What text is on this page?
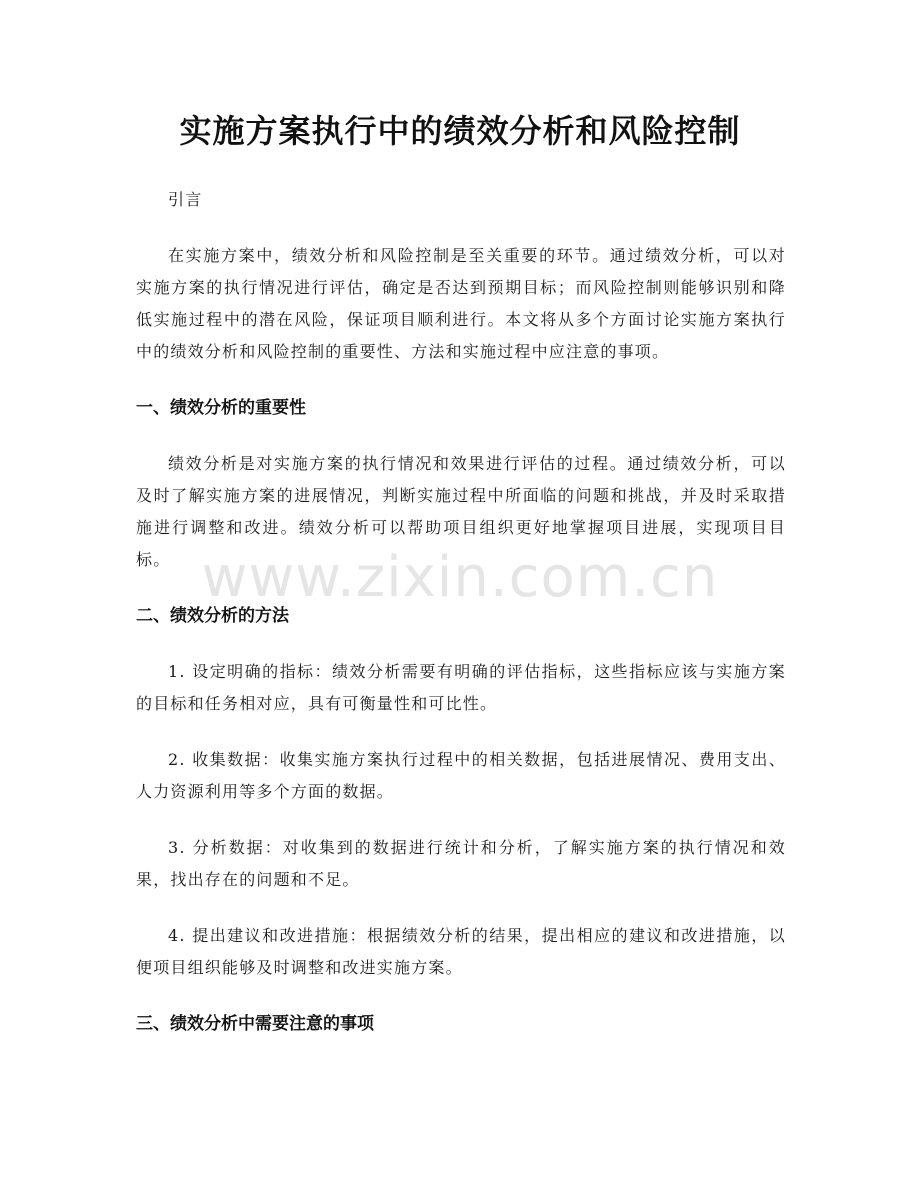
实施方案执行中的绩效分析和风险控制

引言

在实施方案中，绩效分析和风险控制是至关重要的环节。通过绩效分析，可以对实施方案的执行情况进行评估，确定是否达到预期目标；而风险控制则能够识别和降低实施过程中的潜在风险，保证项目顺利进行。本文将从多个方面讨论实施方案执行中的绩效分析和风险控制的重要性、方法和实施过程中应注意的事项。

一、绩效分析的重要性

绩效分析是对实施方案的执行情况和效果进行评估的过程。通过绩效分析，可以及时了解实施方案的进展情况，判断实施过程中所面临的问题和挑战，并及时采取措施进行调整和改进。绩效分析可以帮助项目组织更好地掌握项目进展，实现项目目标。

二、绩效分析的方法

1. 设定明确的指标：绩效分析需要有明确的评估指标，这些指标应该与实施方案的目标和任务相对应，具有可衡量性和可比性。

2. 收集数据：收集实施方案执行过程中的相关数据，包括进展情况、费用支出、人力资源利用等多个方面的数据。

3. 分析数据：对收集到的数据进行统计和分析，了解实施方案的执行情况和效果，找出存在的问题和不足。

4. 提出建议和改进措施：根据绩效分析的结果，提出相应的建议和改进措施，以便项目组织能够及时调整和改进实施方案。

三、绩效分析中需要注意的事项
www.zixin.com.cn
